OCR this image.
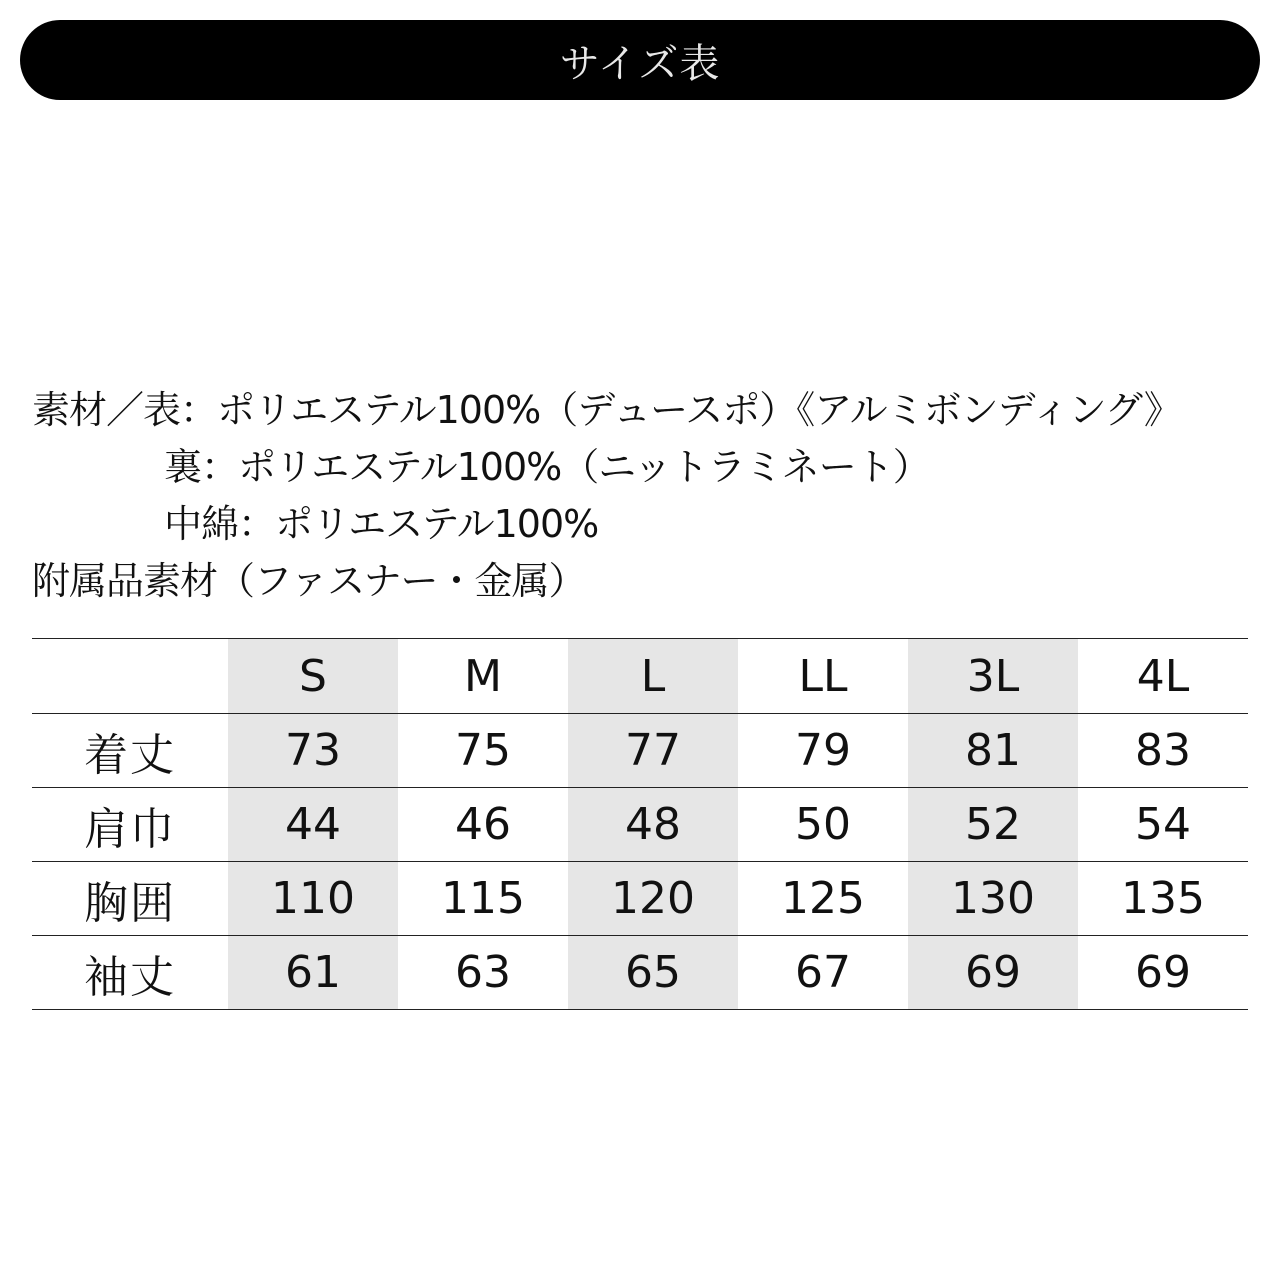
サイズ表
素材／表：ポリエステル100%（デュースポ）《アルミボンディング》
裏：ポリエステル100%（ニットラミネート）
中綿：ポリエステル100%
附属品素材（ファスナー・金属）
	S	M	L	LL	3L	4L
着丈	73	75	77	79	81	83
肩巾	44	46	48	50	52	54
胸囲	110	115	120	125	130	135
袖丈	61	63	65	67	69	69
